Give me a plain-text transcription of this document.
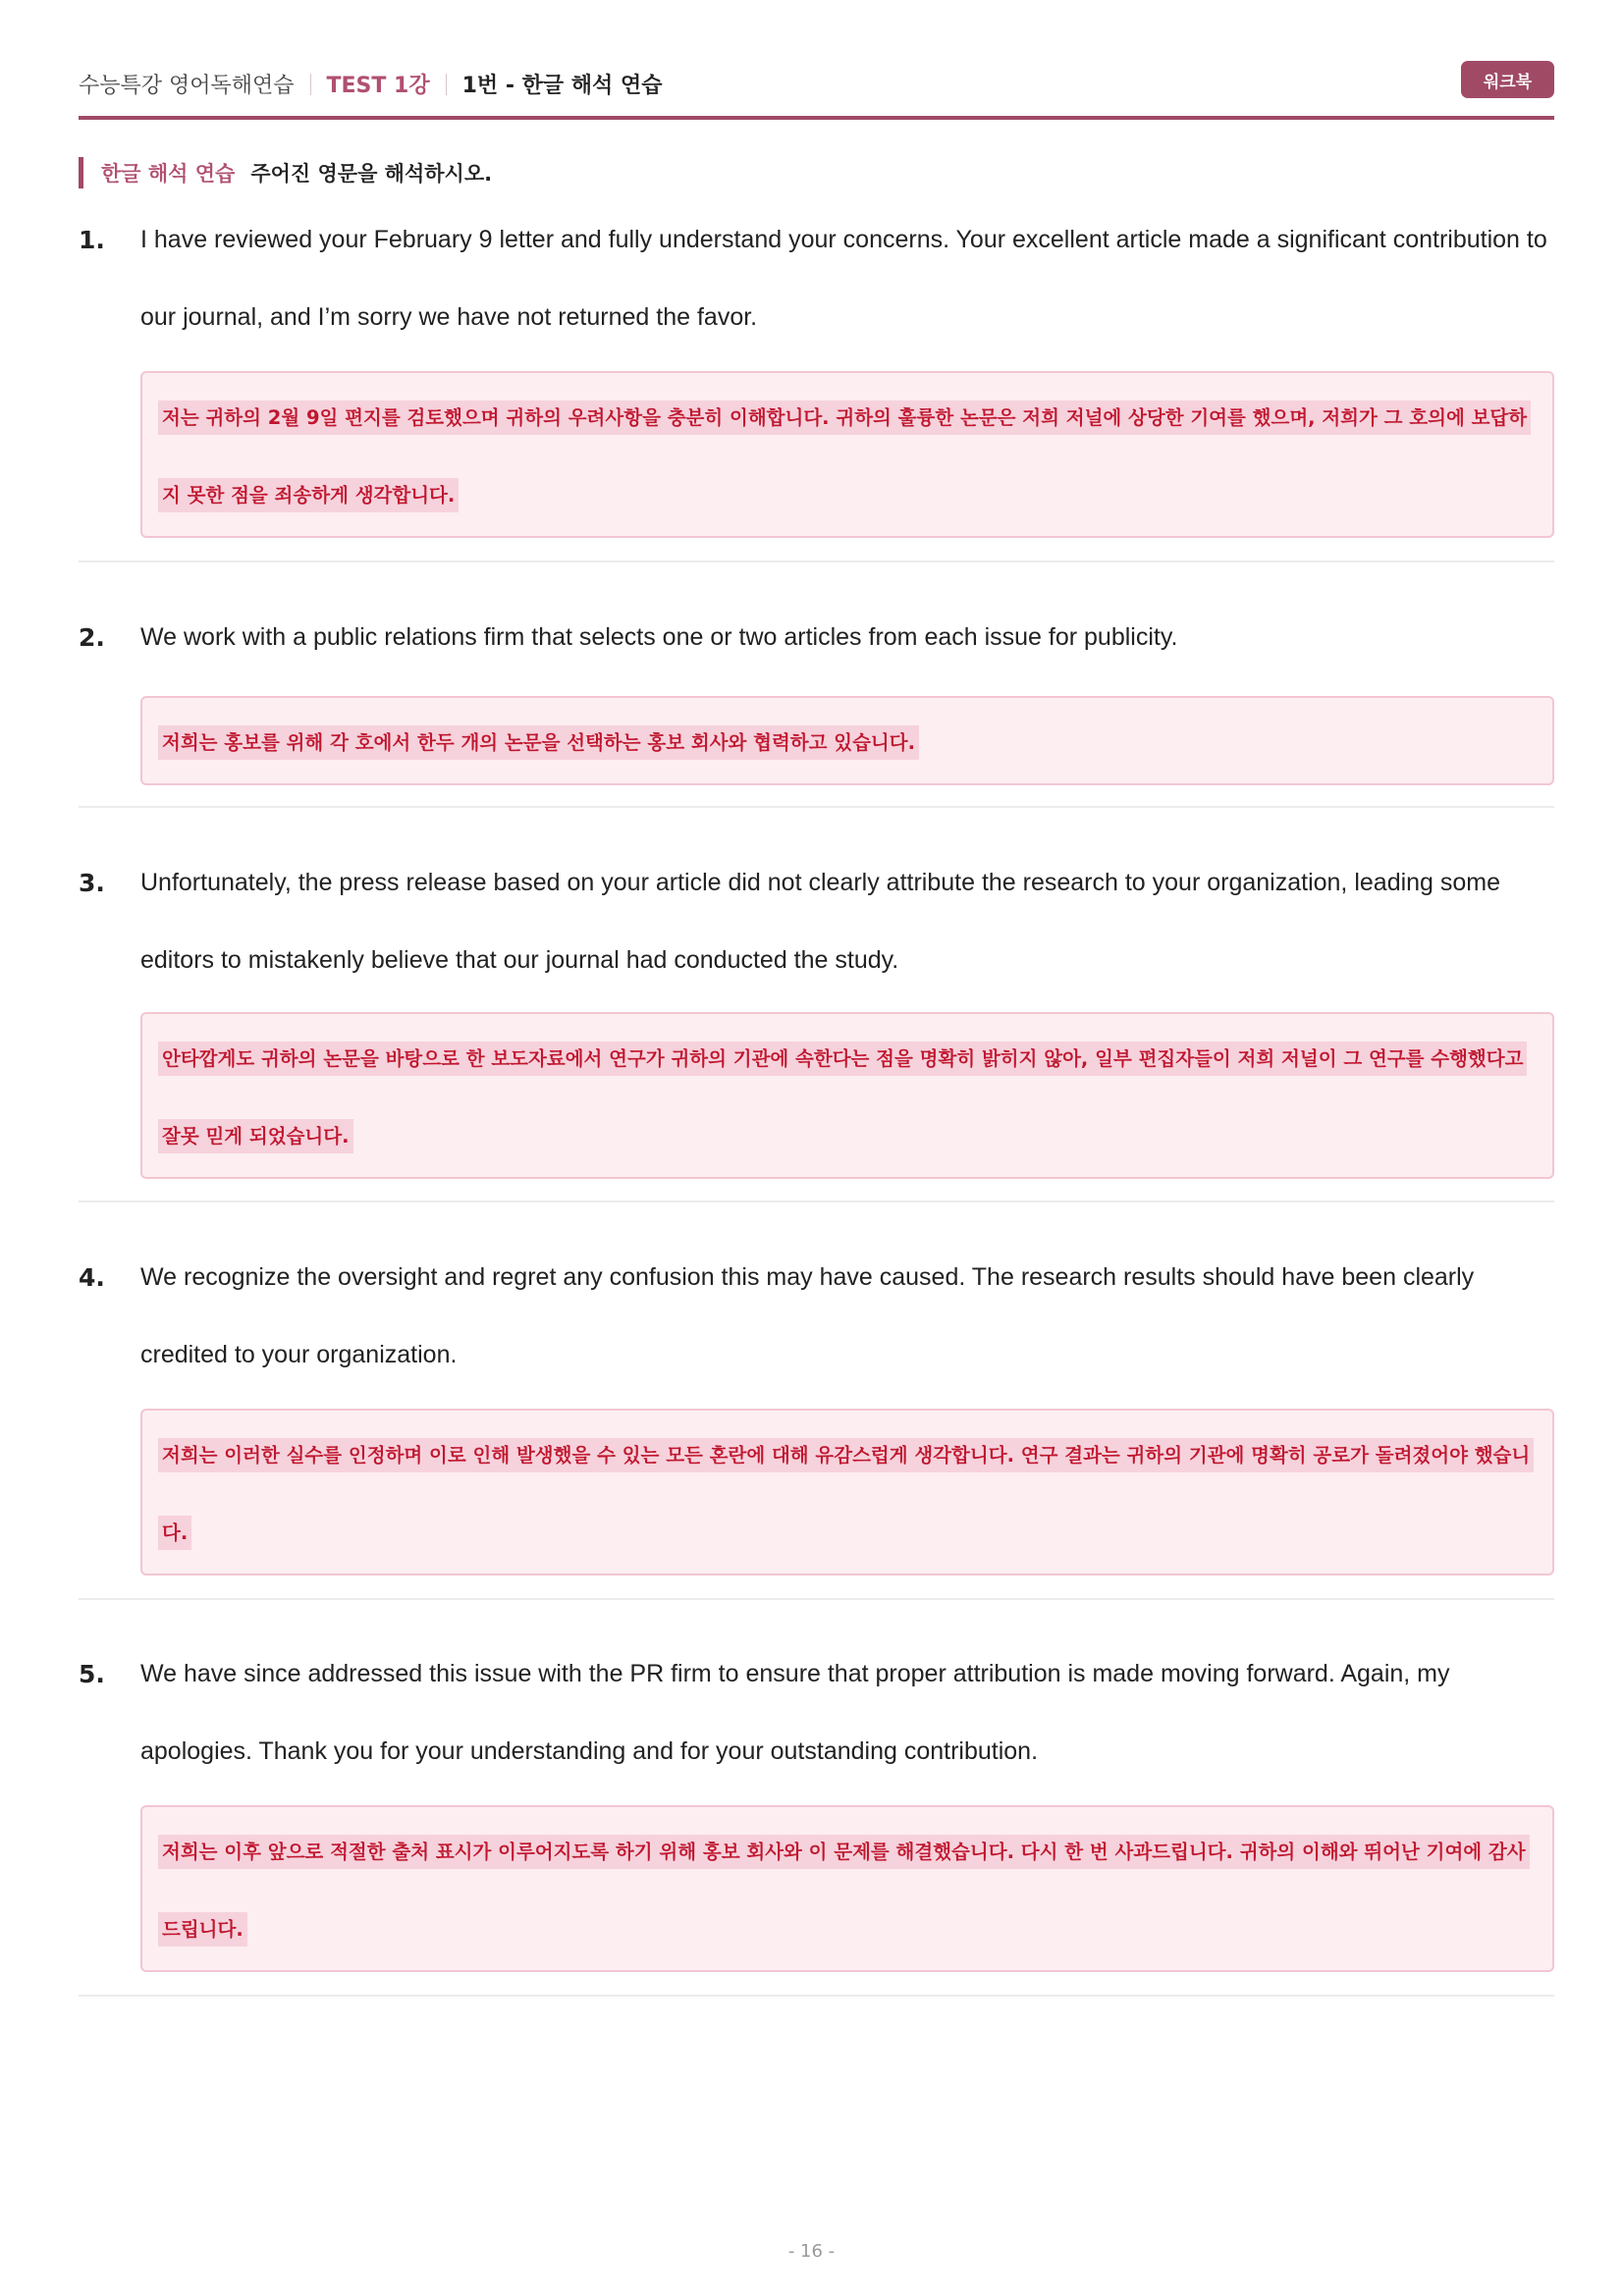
수능특강 영어독해연습 TEST 1강 1번 - 한글 해석 연습	워크북
한글 해석 연습 주어진 영문을 해석하시오.
1. I have reviewed your February 9 letter and fully understand your concerns. Your excellent article made a significant contribution to our journal, and I’m sorry we have not returned the favor.

저는 귀하의 2월 9일 편지를 검토했으며 귀하의 우려사항을 충분히 이해합니다. 귀하의 훌륭한 논문은 저희 저널에 상당한 기여를 했으며, 저희가 그 호의에 보답하지 못한 점을 죄송하게 생각합니다.

2. We work with a public relations firm that selects one or two articles from each issue for publicity.

저희는 홍보를 위해 각 호에서 한두 개의 논문을 선택하는 홍보 회사와 협력하고 있습니다.

3. Unfortunately, the press release based on your article did not clearly attribute the research to your organization, leading some editors to mistakenly believe that our journal had conducted the study.

안타깝게도 귀하의 논문을 바탕으로 한 보도자료에서 연구가 귀하의 기관에 속한다는 점을 명확히 밝히지 않아, 일부 편집자들이 저희 저널이 그 연구를 수행했다고 잘못 믿게 되었습니다.

4. We recognize the oversight and regret any confusion this may have caused. The research results should have been clearly credited to your organization.

저희는 이러한 실수를 인정하며 이로 인해 발생했을 수 있는 모든 혼란에 대해 유감스럽게 생각합니다. 연구 결과는 귀하의 기관에 명확히 공로가 돌려졌어야 했습니다.

5. We have since addressed this issue with the PR firm to ensure that proper attribution is made moving forward. Again, my apologies. Thank you for your understanding and for your outstanding contribution.

저희는 이후 앞으로 적절한 출처 표시가 이루어지도록 하기 위해 홍보 회사와 이 문제를 해결했습니다. 다시 한 번 사과드립니다. 귀하의 이해와 뛰어난 기여에 감사드립니다.

- 16 -
